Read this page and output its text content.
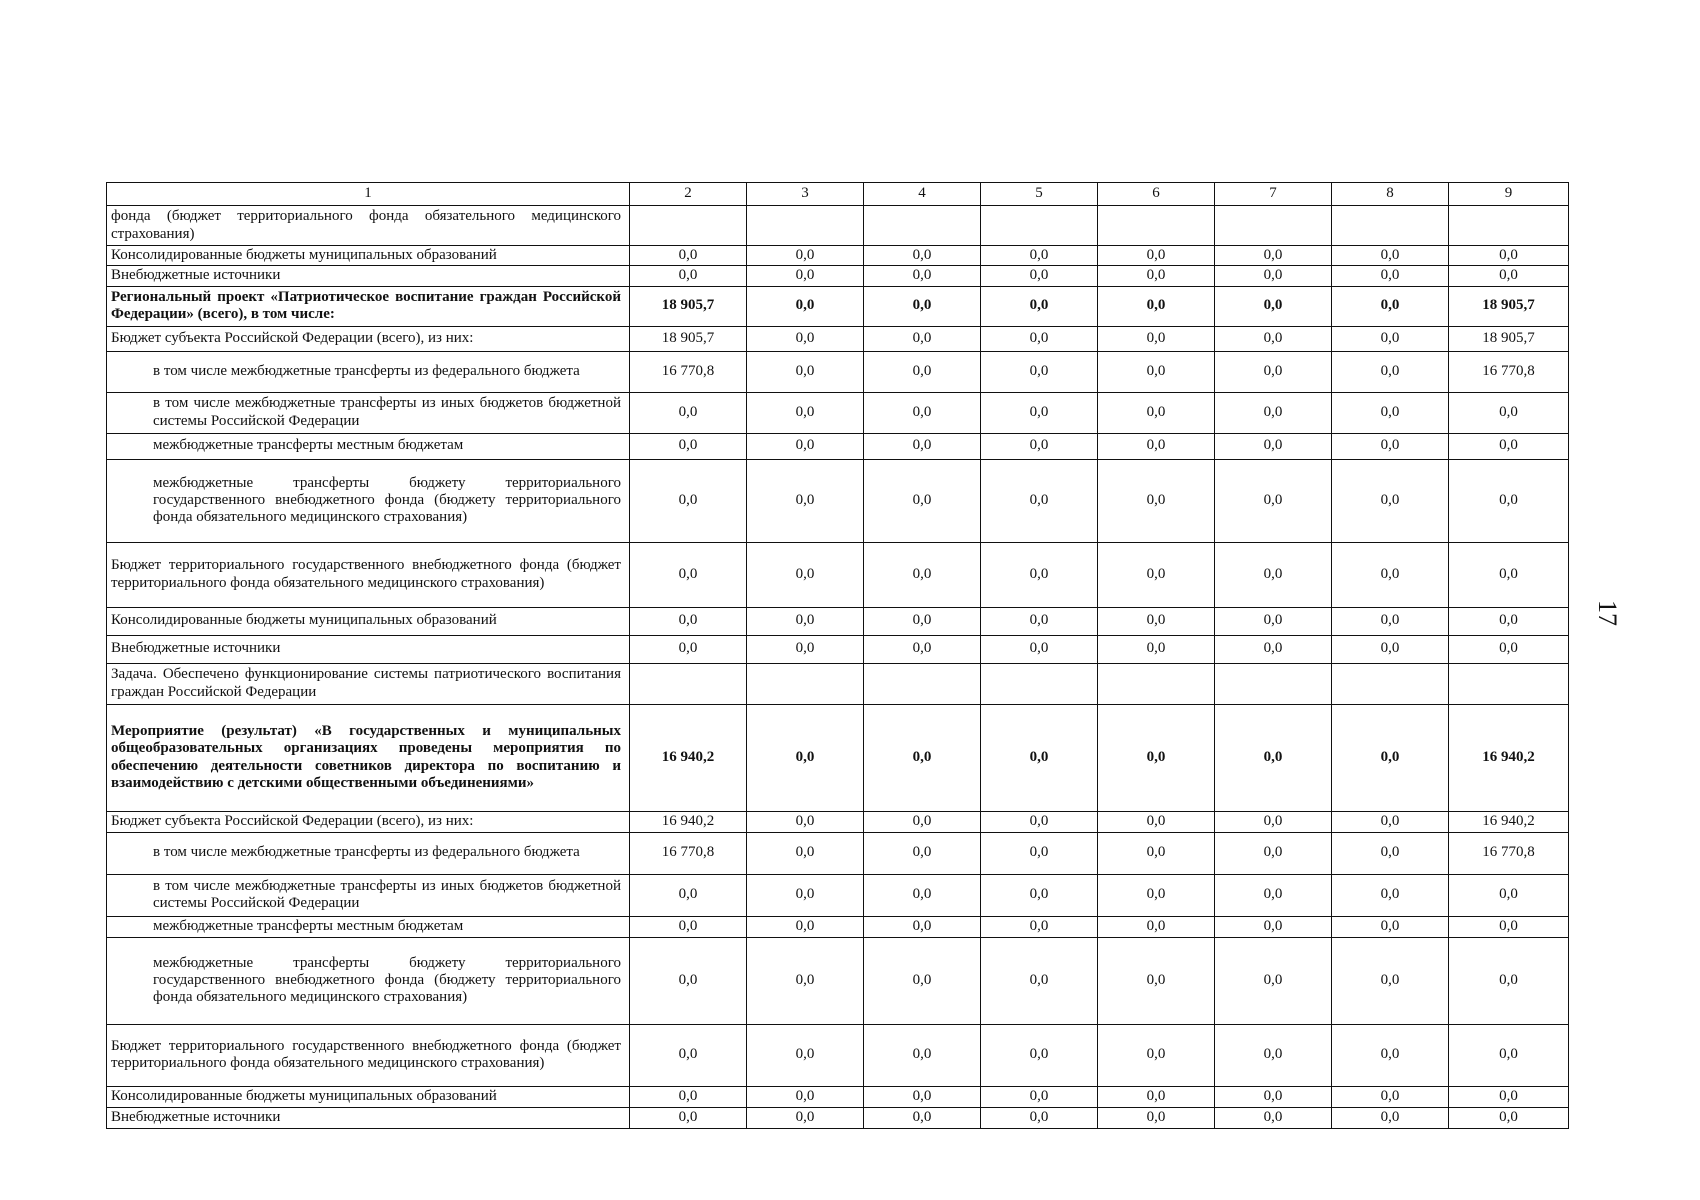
1	2	3	4	5	6	7	8	9
фонда (бюджет территориального фонда обязательного медицинского страхования)								
Консолидированные бюджеты муниципальных образований	0,0	0,0	0,0	0,0	0,0	0,0	0,0	0,0
Внебюджетные источники	0,0	0,0	0,0	0,0	0,0	0,0	0,0	0,0
Региональный проект «Патриотическое воспитание граждан Российской Федерации» (всего), в том числе:	18 905,7	0,0	0,0	0,0	0,0	0,0	0,0	18 905,7
Бюджет субъекта Российской Федерации (всего), из них:	18 905,7	0,0	0,0	0,0	0,0	0,0	0,0	18 905,7
в том числе межбюджетные трансферты из федерального бюджета	16 770,8	0,0	0,0	0,0	0,0	0,0	0,0	16 770,8
в том числе межбюджетные трансферты из иных бюджетов бюджетной системы Российской Федерации	0,0	0,0	0,0	0,0	0,0	0,0	0,0	0,0
межбюджетные трансферты местным бюджетам	0,0	0,0	0,0	0,0	0,0	0,0	0,0	0,0
межбюджетные трансферты бюджету территориального государственного внебюджетного фонда (бюджету территориального фонда обязательного медицинского страхования)	0,0	0,0	0,0	0,0	0,0	0,0	0,0	0,0
Бюджет территориального государственного внебюджетного фонда (бюджет территориального фонда обязательного медицинского страхования)	0,0	0,0	0,0	0,0	0,0	0,0	0,0	0,0
Консолидированные бюджеты муниципальных образований	0,0	0,0	0,0	0,0	0,0	0,0	0,0	0,0
Внебюджетные источники	0,0	0,0	0,0	0,0	0,0	0,0	0,0	0,0
Задача. Обеспечено функционирование системы патриотического воспитания граждан Российской Федерации								
Мероприятие (результат) «В государственных и муниципальных общеобразовательных организациях проведены мероприятия по обеспечению деятельности советников директора по воспитанию и взаимодействию с детскими общественными объединениями»	16 940,2	0,0	0,0	0,0	0,0	0,0	0,0	16 940,2
Бюджет субъекта Российской Федерации (всего), из них:	16 940,2	0,0	0,0	0,0	0,0	0,0	0,0	16 940,2
в том числе межбюджетные трансферты из федерального бюджета	16 770,8	0,0	0,0	0,0	0,0	0,0	0,0	16 770,8
в том числе межбюджетные трансферты из иных бюджетов бюджетной системы Российской Федерации	0,0	0,0	0,0	0,0	0,0	0,0	0,0	0,0
межбюджетные трансферты местным бюджетам	0,0	0,0	0,0	0,0	0,0	0,0	0,0	0,0
межбюджетные трансферты бюджету территориального государственного внебюджетного фонда (бюджету территориального фонда обязательного медицинского страхования)	0,0	0,0	0,0	0,0	0,0	0,0	0,0	0,0
Бюджет территориального государственного внебюджетного фонда (бюджет территориального фонда обязательного медицинского страхования)	0,0	0,0	0,0	0,0	0,0	0,0	0,0	0,0
Консолидированные бюджеты муниципальных образований	0,0	0,0	0,0	0,0	0,0	0,0	0,0	0,0
Внебюджетные источники	0,0	0,0	0,0	0,0	0,0	0,0	0,0	0,0
17
